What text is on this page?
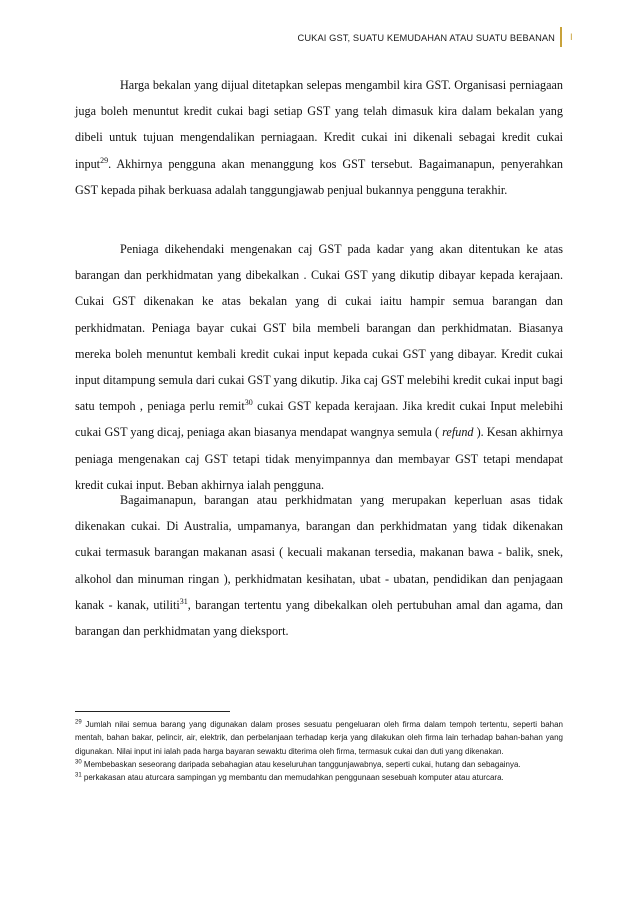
CUKAI GST, SUATU KEMUDAHAN ATAU SUATU BEBANAN I

Harga bekalan yang dijual ditetapkan selepas mengambil kira GST. Organisasi perniagaan juga boleh menuntut kredit cukai bagi setiap GST yang telah dimasuk kira dalam bekalan yang dibeli untuk tujuan mengendalikan perniagaan. Kredit cukai ini dikenali sebagai kredit cukai input$^{29}$. Akhirnya pengguna akan menanggung kos GST tersebut. Bagaimanapun, penyerahkan GST kepada pihak berkuasa adalah tanggungjawab penjual bukannya pengguna terakhir.

Peniaga dikehendaki mengenakan caj GST pada kadar yang akan ditentukan ke atas barangan dan perkhidmatan yang dibekalkan . Cukai GST yang dikutip dibayar kepada kerajaan. Cukai GST dikenakan ke atas bekalan yang di cukai iaitu hampir semua barangan dan perkhidmatan. Peniaga bayar cukai GST bila membeli barangan dan perkhidmatan. Biasanya mereka boleh menuntut kembali kredit cukai input kepada cukai GST yang dibayar. Kredit cukai input ditampung semula dari cukai GST yang dikutip. Jika caj GST melebihi kredit cukai input bagi satu tempoh , peniaga perlu remit$^{30}$ cukai GST kepada kerajaan. Jika kredit cukai Input melebihi cukai GST yang dicaj, peniaga akan biasanya mendapat wangnya semula ( refund ). Kesan akhirnya peniaga mengenakan caj GST tetapi tidak menyimpannya dan membayar GST tetapi mendapat kredit cukai input. Beban akhirnya ialah pengguna.

Bagaimanapun, barangan atau perkhidmatan yang merupakan keperluan asas tidak dikenakan cukai. Di Australia, umpamanya, barangan dan perkhidmatan yang tidak dikenakan cukai termasuk barangan makanan asasi ( kecuali makanan tersedia, makanan bawa - balik, snek, alkohol dan minuman ringan ), perkhidmatan kesihatan, ubat - ubatan, pendidikan dan penjagaan kanak - kanak, utiliti$^{31}$, barangan tertentu yang dibekalkan oleh pertubuhan amal dan agama, dan barangan dan perkhidmatan yang dieksport.

$^{29}$ Jumlah nilai semua barang yang digunakan dalam proses sesuatu pengeluaran oleh firma dalam tempoh tertentu, seperti bahan mentah, bahan bakar, pelincir, air, elektrik, dan perbelanjaan terhadap kerja yang dilakukan oleh firma lain terhadap bahan-bahan yang digunakan. Nilai input ini ialah pada harga bayaran sewaktu diterima oleh firma, termasuk cukai dan duti yang dikenakan.

$^{30}$ Membebaskan seseorang daripada sebahagian atau keseluruhan tanggunjawabnya, seperti cukai, hutang dan sebagainya.

$^{31}$ perkakasan atau aturcara sampingan yg membantu dan memudahkan penggunaan sesebuah komputer atau aturcara.
